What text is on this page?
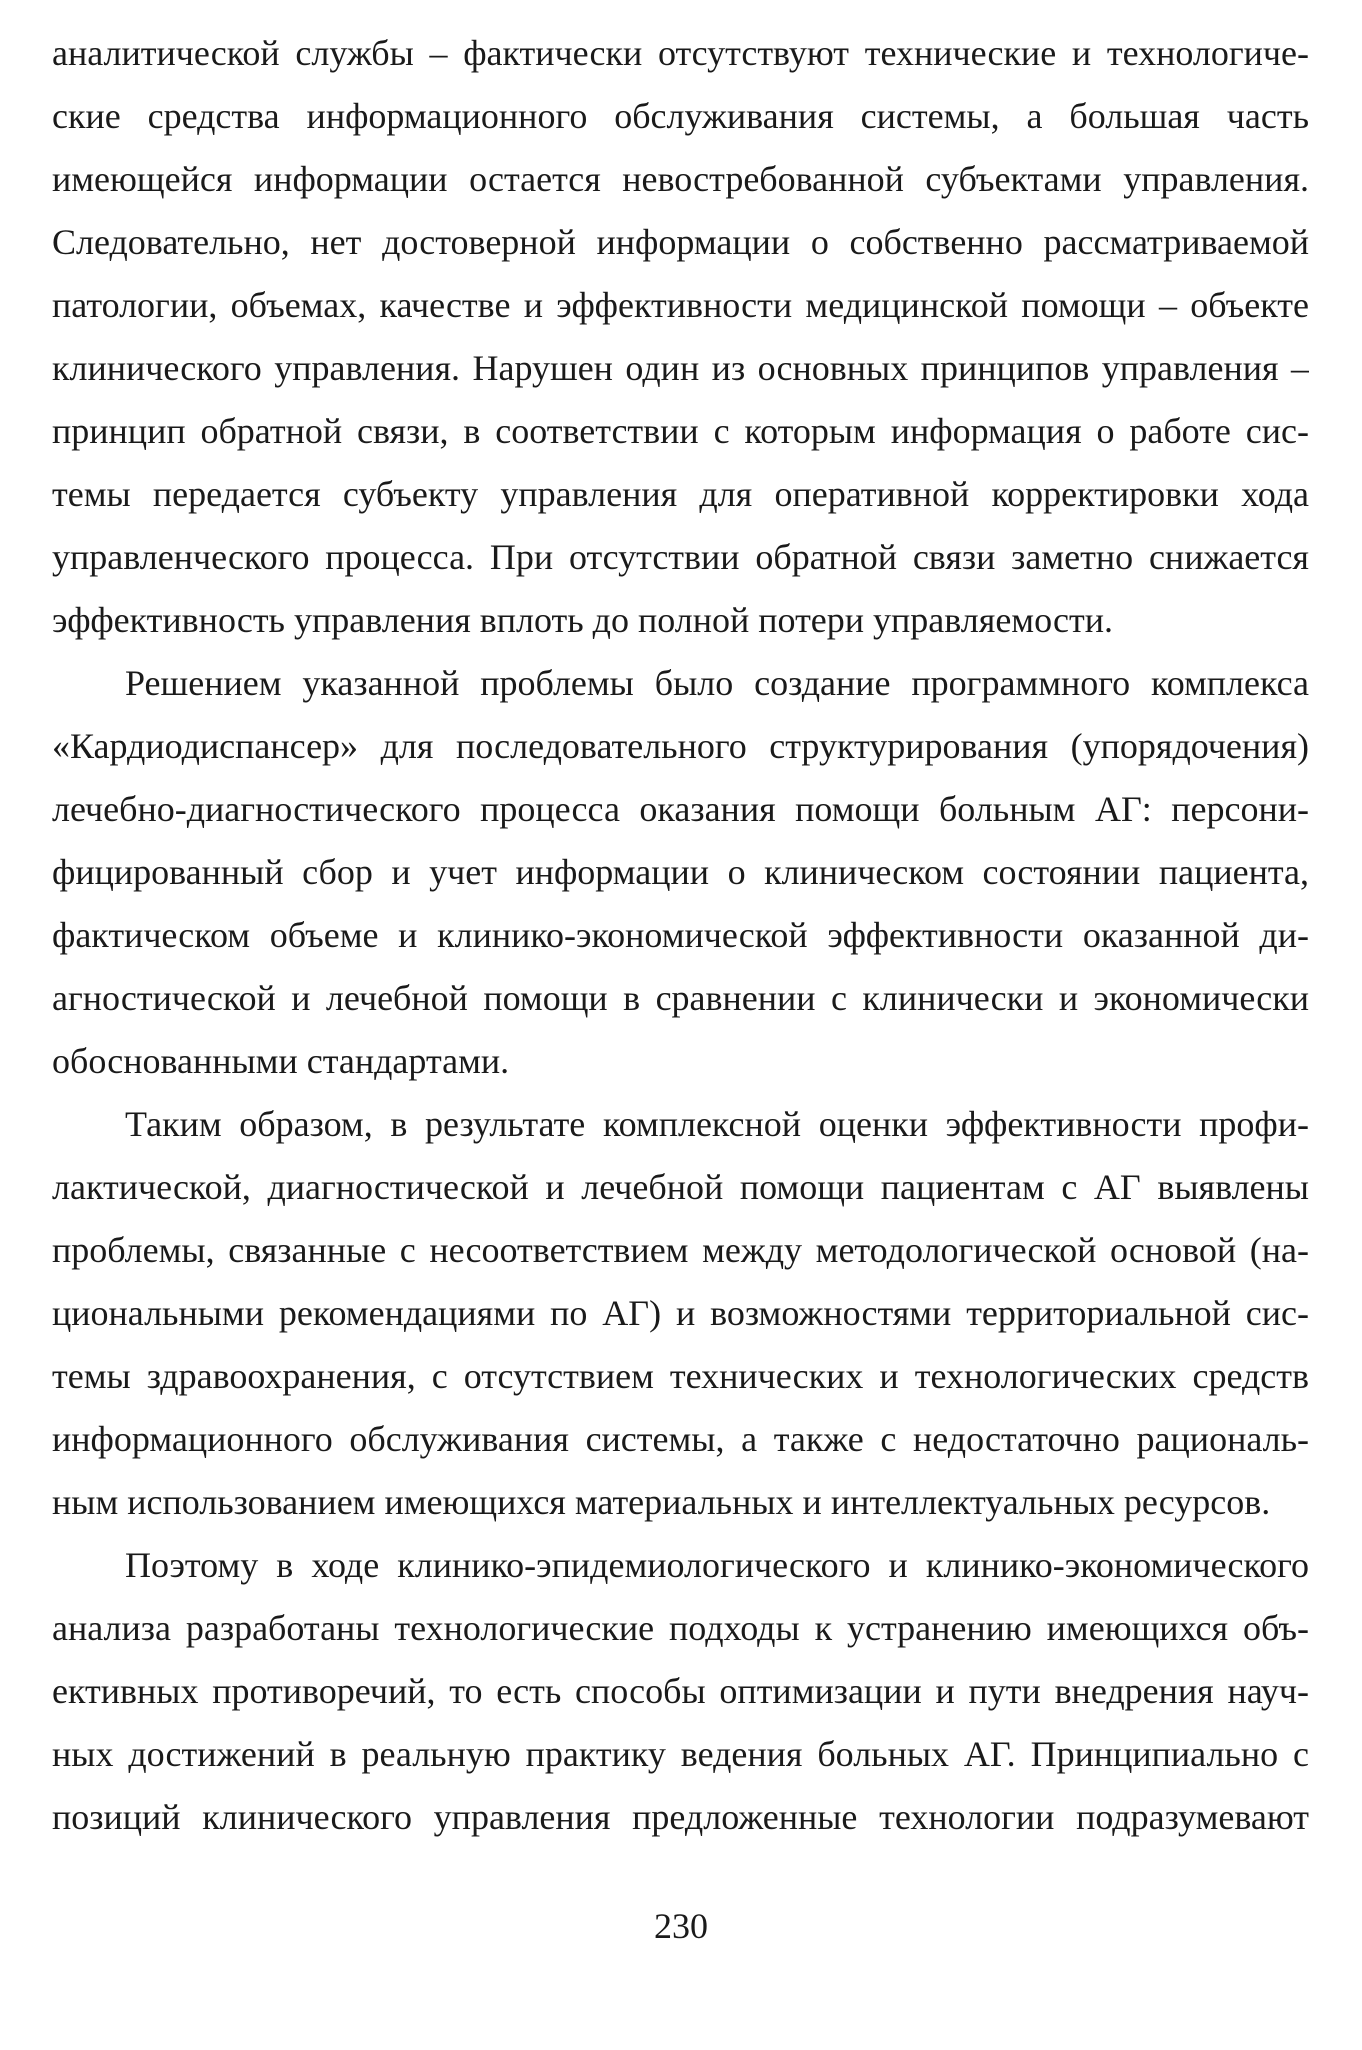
аналитической службы – фактически отсутствуют технические и технологиче-
ские средства информационного обслуживания системы, а большая часть
имеющейся информации остается невостребованной субъектами управления.
Следовательно, нет достоверной информации о собственно рассматриваемой
патологии, объемах, качестве и эффективности медицинской помощи – объекте
клинического управления. Нарушен один из основных принципов управления –
принцип обратной связи, в соответствии с которым информация о работе сис-
темы передается субъекту управления для оперативной корректировки хода
управленческого процесса. При отсутствии обратной связи заметно снижается
эффективность управления вплоть до полной потери управляемости.
Решением указанной проблемы было создание программного комплекса
«Кардиодиспансер» для последовательного структурирования (упорядочения)
лечебно-диагностического процесса оказания помощи больным АГ: персони-
фицированный сбор и учет информации о клиническом состоянии пациента,
фактическом объеме и клинико-экономической эффективности оказанной ди-
агностической и лечебной помощи в сравнении с клинически и экономически
обоснованными стандартами.
Таким образом, в результате комплексной оценки эффективности профи-
лактической, диагностической и лечебной помощи пациентам с АГ выявлены
проблемы, связанные с несоответствием между методологической основой (на-
циональными рекомендациями по АГ) и возможностями территориальной сис-
темы здравоохранения, с отсутствием технических и технологических средств
информационного обслуживания системы, а также с недостаточно рациональ-
ным использованием имеющихся материальных и интеллектуальных ресурсов.
Поэтому в ходе клинико-эпидемиологического и клинико-экономического
анализа разработаны технологические подходы к устранению имеющихся объ-
ективных противоречий, то есть способы оптимизации и пути внедрения науч-
ных достижений в реальную практику ведения больных АГ. Принципиально с
позиций клинического управления предложенные технологии подразумевают
230
